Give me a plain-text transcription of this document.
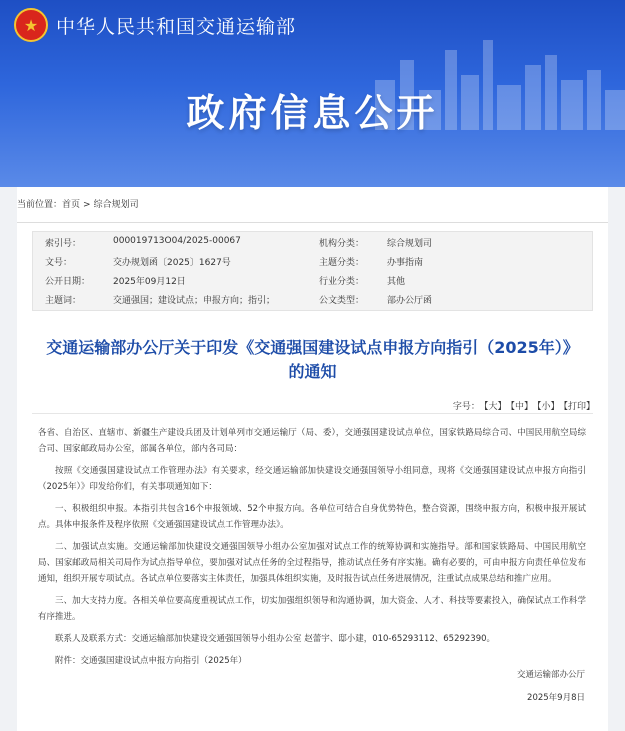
★ 中华人民共和国交通运输部
政府信息公开
当前位置：首页 > 综合规划司
索引号：	000019713O04/2025-00067	机构分类：	综合规划司
文号：	交办规划函〔2025〕1627号	主题分类：	办事指南
公开日期：	2025年09月12日	行业分类：	其他
主题词：	交通强国；建设试点；申报方向；指引；	公文类型：	部办公厅函
交通运输部办公厅关于印发《交通强国建设试点申报方向指引（2025年）》的通知
字号： 【大】 【中】 【小】 【打印】

各省、自治区、直辖市、新疆生产建设兵团及计划单列市交通运输厅（局、委），交通强国建设试点单位，国家铁路局综合司、中国民用航空局综合司、国家邮政局办公室，部属各单位，部内各司局：

按照《交通强国建设试点工作管理办法》有关要求，经交通运输部加快建设交通强国领导小组同意，现将《交通强国建设试点申报方向指引（2025年）》印发给你们，有关事项通知如下：

一、积极组织申报。本指引共包含16个申报领域、52个申报方向。各单位可结合自身优势特色，整合资源，围绕申报方向，积极申报开展试点。具体申报条件及程序依照《交通强国建设试点工作管理办法》。

二、加强试点实施。交通运输部加快建设交通强国领导小组办公室加强对试点工作的统筹协调和实施指导。部和国家铁路局、中国民用航空局、国家邮政局相关司局作为试点指导单位，要加强对试点任务的全过程指导，推动试点任务有序实施。确有必要的，可由申报方向责任单位发布通知，组织开展专项试点。各试点单位要落实主体责任，加强具体组织实施，及时报告试点任务进展情况，注重试点成果总结和推广应用。

三、加大支持力度。各相关单位要高度重视试点工作，切实加强组织领导和沟通协调，加大资金、人才、科技等要素投入，确保试点工作科学有序推进。

联系人及联系方式：交通运输部加快建设交通强国领导小组办公室 赵蕾宇、邸小建，010-65293112、65292390。

附件：交通强国建设试点申报方向指引（2025年）

交通运输部办公厅
2025年9月8日
